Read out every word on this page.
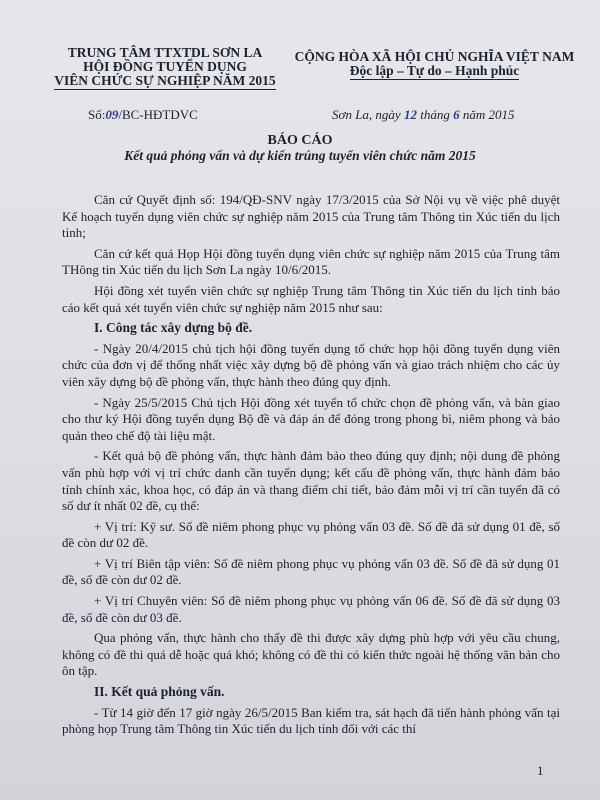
TRUNG TÂM TTXTDL SƠN LA
HỘI ĐỒNG TUYỂN DỤNG
VIÊN CHỨC SỰ NGHIỆP NĂM 2015
CỘNG HÒA XÃ HỘI CHỦ NGHĨA VIỆT NAM
Độc lập – Tự do – Hạnh phúc
Số:09/BC-HĐTDVC	Sơn La, ngày 12 tháng 6 năm 2015
BÁO CÁO
Kết quả phỏng vấn và dự kiến trúng tuyển viên chức năm 2015

Căn cứ Quyết định số: 194/QĐ-SNV ngày 17/3/2015 của Sở Nội vụ về việc phê duyệt Kế hoạch tuyển dụng viên chức sự nghiệp năm 2015 của Trung tâm Thông tin Xúc tiến du lịch tỉnh;

Căn cứ kết quả Họp Hội đồng tuyển dụng viên chức sự nghiệp năm 2015 của Trung tâm THông tin Xúc tiến du lịch Sơn La ngày 10/6/2015.

Hội đồng xét tuyển viên chức sự nghiệp Trung tâm Thông tin Xúc tiến du lịch tỉnh báo cáo kết quả xét tuyển viên chức sự nghiệp năm 2015 như sau:

I. Công tác xây dựng bộ đề.

- Ngày 20/4/2015 chủ tịch hội đồng tuyển dụng tổ chức họp hội đồng tuyển dụng viên chức của đơn vị để thống nhất việc xây dựng bộ đề phỏng vấn và giao trách nhiệm cho các ủy viên xây dựng bộ đề phỏng vấn, thực hành theo đúng quy định.

- Ngày 25/5/2015 Chủ tịch Hội đồng xét tuyển tổ chức chọn đề phỏng vấn, và bàn giao cho thư ký Hội đồng tuyển dụng Bộ đề và đáp án để đóng trong phong bì, niêm phong và bảo quản theo chế độ tài liệu mật.

- Kết quả bộ đề phỏng vấn, thực hành đảm bảo theo đúng quy định; nội dung đề phỏng vấn phù hợp với vị trí chức danh cần tuyển dụng; kết cấu đề phỏng vấn, thực hành đảm bảo tính chính xác, khoa học, có đáp án và thang điểm chi tiết, bảo đảm mỗi vị trí cần tuyển đã có số dư ít nhất 02 đề, cụ thể:

+ Vị trí: Kỹ sư. Số đề niêm phong phục vụ phỏng vấn 03 đề. Số đề đã sử dụng 01 đề, số đề còn dư 02 đề.

+ Vị trí Biên tập viên: Số đề niêm phong phục vụ phỏng vấn 03 đề. Số đề đã sử dụng 01 đề, số đề còn dư 02 đề.

+ Vị trí Chuyên viên: Số đề niêm phong phục vụ phỏng vấn 06 đề. Số đề đã sử dụng 03 đề, số đề còn dư 03 đề.

Qua phỏng vấn, thực hành cho thấy đề thi được xây dựng phù hợp với yêu cầu chung, không có đề thi quá dễ hoặc quá khó; không có đề thi có kiến thức ngoài hệ thống văn bản cho ôn tập.

II. Kết quả phỏng vấn.

- Từ 14 giờ đến 17 giờ ngày 26/5/2015 Ban kiểm tra, sát hạch đã tiến hành phỏng vấn tại phòng họp Trung tâm Thông tin Xúc tiến du lịch tỉnh đối với các thí

1
